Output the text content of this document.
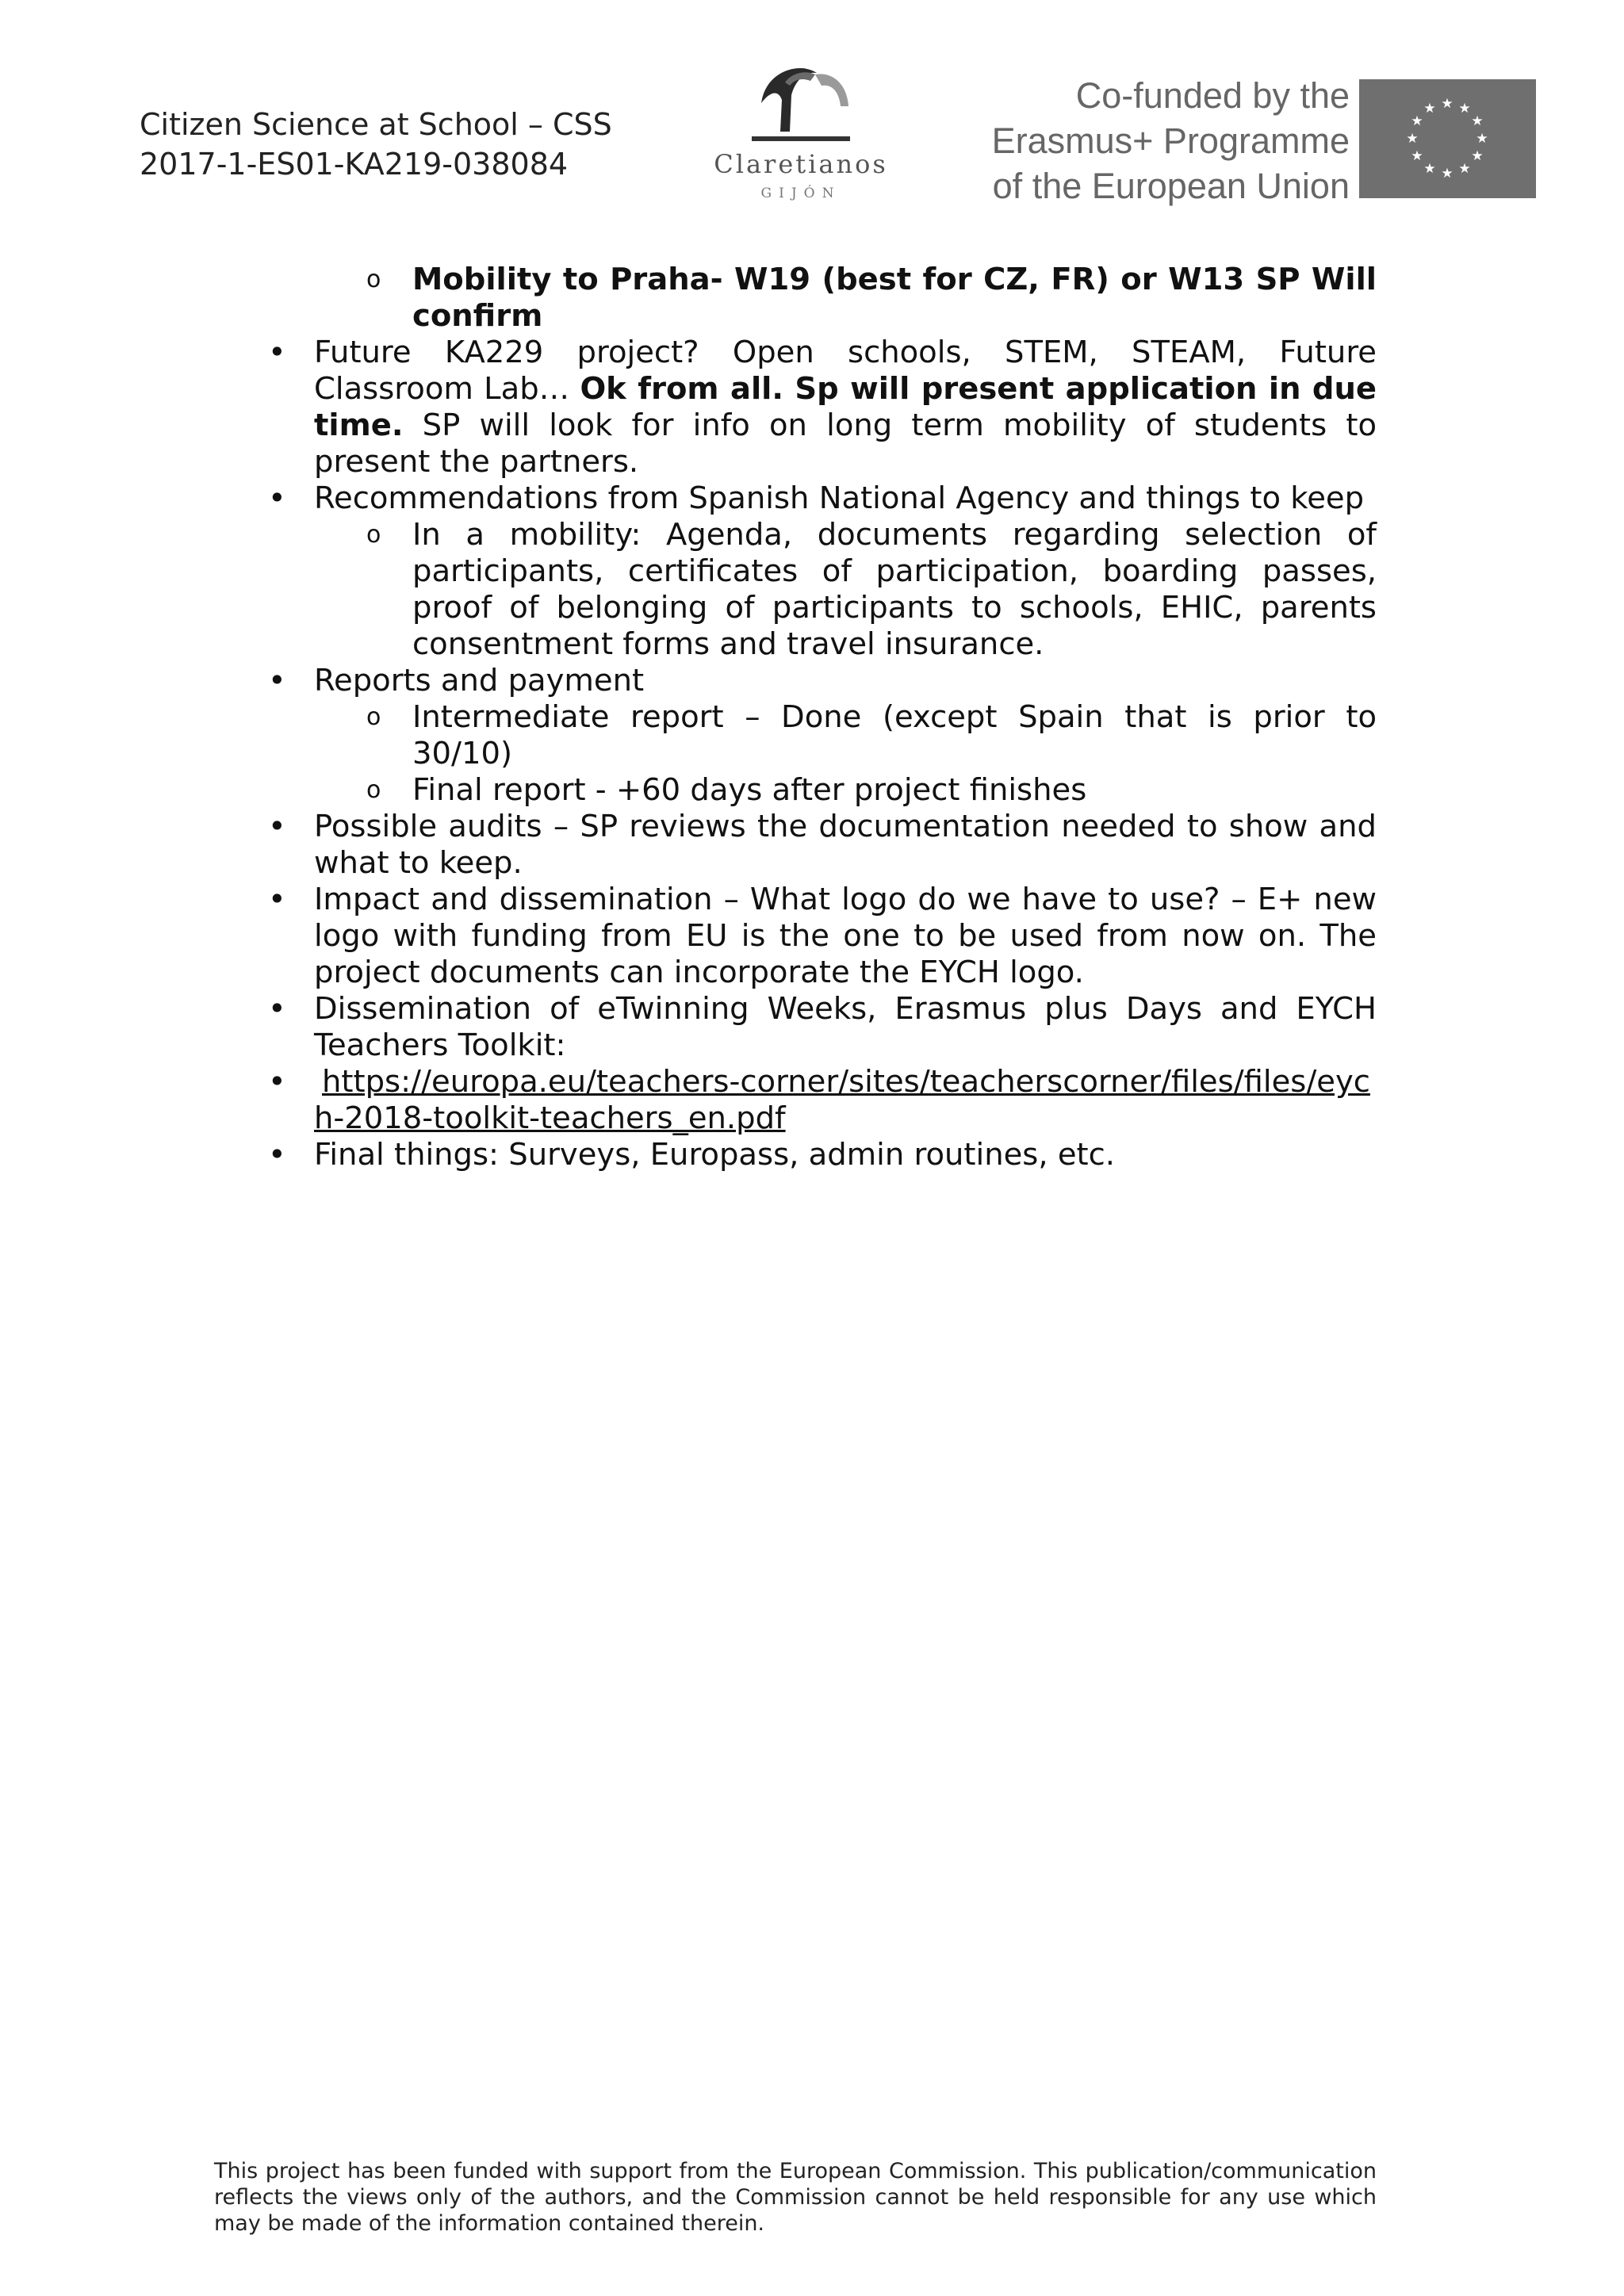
Citizen Science at School – CSS
2017-1-ES01-KA219-038084	Claretianos
GIJÓN
Co-funded by the
Erasmus+ Programme
of the European Union
★ ★
★
★
★
★
★
★
★
★
★
★
o Mobility to Praha- W19 (best for CZ, FR) or W13 SP Will confirm
• Future KA229 project? Open schools, STEM, STEAM, Future Classroom Lab… Ok from all. Sp will present application in due time. SP will look for info on long term mobility of students to present the partners.
• Recommendations from Spanish National Agency and things to keep
o In a mobility: Agenda, documents regarding selection of participants, certificates of participation, boarding passes, proof of belonging of participants to schools, EHIC, parents consentment forms and travel insurance.
• Reports and payment
o Intermediate report – Done (except Spain that is prior to 30/10)
o Final report - +60 days after project finishes
• Possible audits – SP reviews the documentation needed to show and what to keep.
• Impact and dissemination – What logo do we have to use? – E+ new logo with funding from EU is the one to be used from now on. The project documents can incorporate the EYCH logo.
• Dissemination of eTwinning Weeks, Erasmus plus Days and EYCH Teachers Toolkit:
• https://europa.eu/teachers-corner/sites/teacherscorner/files/files/eych-2018-toolkit-teachers_en.pdf
• Final things: Surveys, Europass, admin routines, etc.
This project has been funded with support from the European Commission. This publication/communication reflects the views only of the authors, and the Commission cannot be held responsible for any use which may be made of the information contained therein.
